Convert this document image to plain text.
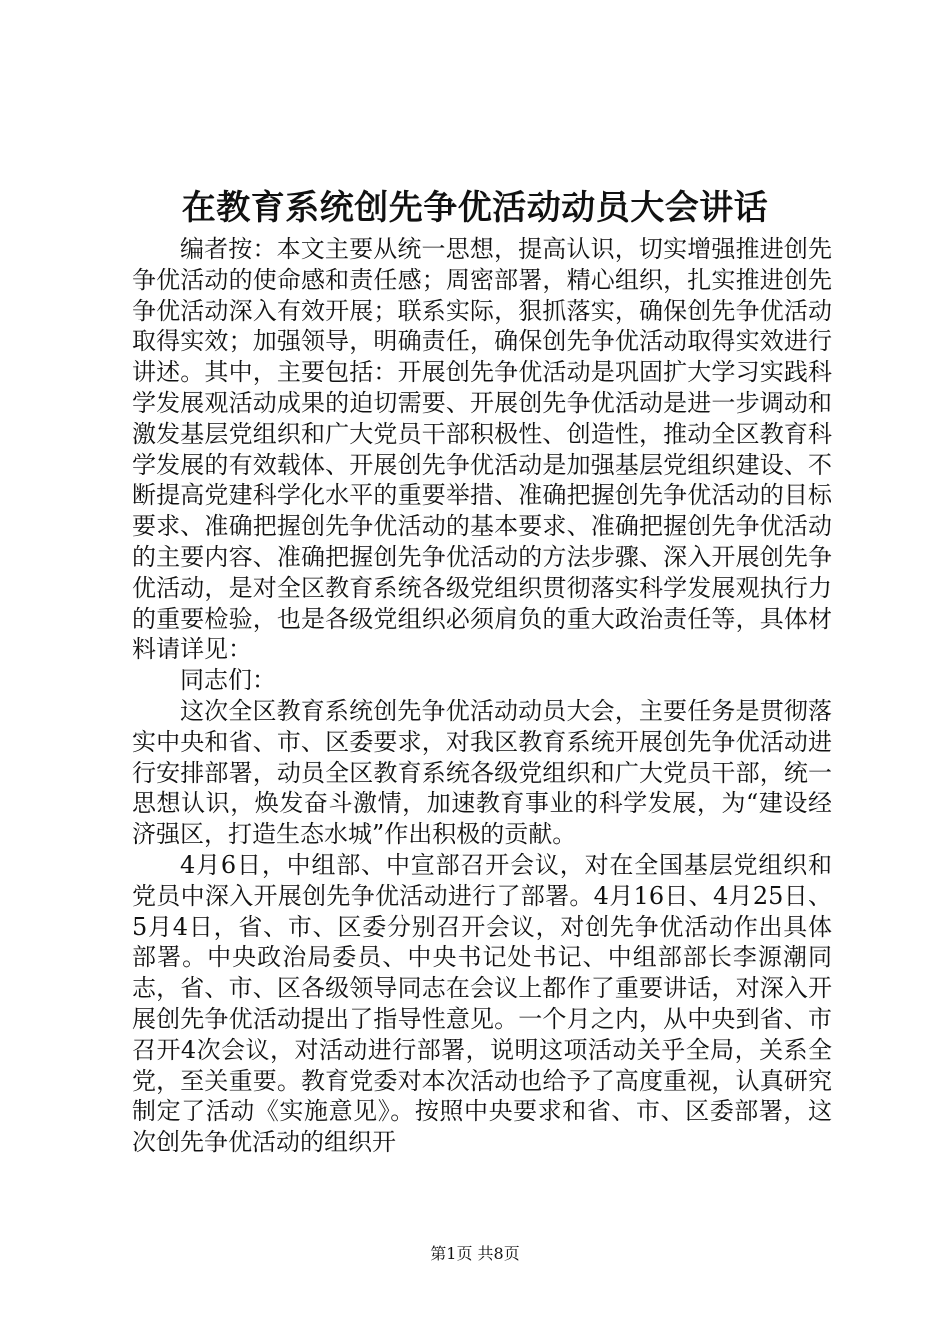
在教育系统创先争优活动动员大会讲话

编者按：本文主要从统一思想，提高认识，切实增强推进创先争优活动的使命感和责任感；周密部署，精心组织，扎实推进创先争优活动深入有效开展；联系实际，狠抓落实，确保创先争优活动取得实效；加强领导，明确责任，确保创先争优活动取得实效进行讲述。其中，主要包括：开展创先争优活动是巩固扩大学习实践科学发展观活动成果的迫切需要、开展创先争优活动是进一步调动和激发基层党组织和广大党员干部积极性、创造性，推动全区教育科学发展的有效载体、开展创先争优活动是加强基层党组织建设、不断提高党建科学化水平的重要举措、准确把握创先争优活动的目标要求、准确把握创先争优活动的基本要求、准确把握创先争优活动的主要内容、准确把握创先争优活动的方法步骤、深入开展创先争优活动，是对全区教育系统各级党组织贯彻落实科学发展观执行力的重要检验，也是各级党组织必须肩负的重大政治责任等，具体材料请详见：

同志们：

这次全区教育系统创先争优活动动员大会，主要任务是贯彻落实中央和省、市、区委要求，对我区教育系统开展创先争优活动进行安排部署，动员全区教育系统各级党组织和广大党员干部，统一思想认识，焕发奋斗激情，加速教育事业的科学发展，为“建设经济强区，打造生态水城”作出积极的贡献。

4月6日，中组部、中宣部召开会议，对在全国基层党组织和党员中深入开展创先争优活动进行了部署。4月16日、4月25日、5月4日，省、市、区委分别召开会议，对创先争优活动作出具体部署。中央政治局委员、中央书记处书记、中组部部长李源潮同志，省、市、区各级领导同志在会议上都作了重要讲话，对深入开展创先争优活动提出了指导性意见。一个月之内，从中央到省、市召开4次会议，对活动进行部署，说明这项活动关乎全局，关系全党，至关重要。教育党委对本次活动也给予了高度重视，认真研究制定了活动《实施意见》。按照中央要求和省、市、区委部署，这次创先争优活动的组织开

第1页 共8页
